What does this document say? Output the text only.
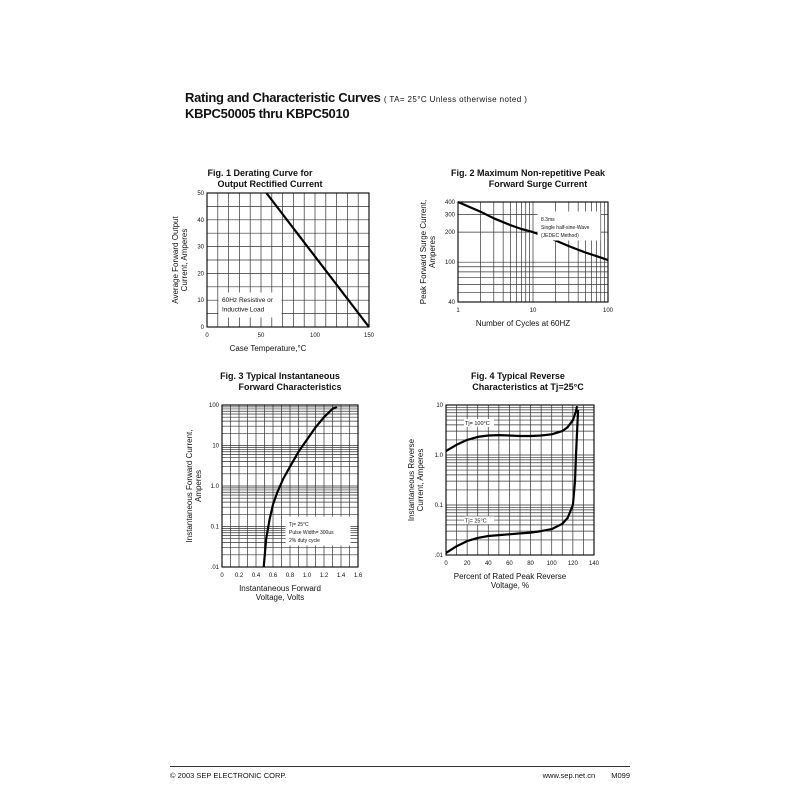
Rating and Characteristic Curves ( TA= 25°C Unless otherwise noted )
KBPC50005 thru KBPC5010
Fig. 1 Derating Curve for
Output Rectified Current
0	50	100	150
0
10
20
30
40
50
Case Temperature,°C
Average Forward Output Current, Amperes
60Hz Resistive or
Inductive Load
Fig. 2 Maximum Non-repetitive Peak
Forward Surge Current
1	10	100
40
100
200
300
400
Number of Cycles at 60HZ
Peak Forward Surge Current, Amperes
8.3ms
Single half-sine-Wave
(JEDEC Method)
Fig. 3 Typical Instantaneous
Forward Characteristics
0 0.2 0.4 0.6 0.8 1.0 1.2 1.4 1.6
.01
0.1
1.0
10
100
Instantaneous Forward
Voltage, Volts
Instantaneous Forward Current, Amperes
Tj= 25°C
Pulse Width= 300us
2% duty cycle
Fig. 4 Typical Reverse
Characteristics at Tj=25°C
0	20 40 60 80 100 120 140
.01
0.1
1.0
10
Percent of Rated Peak Reverse
Voltage, %
Instantaneous Reverse Current, Amperes
Tj= 100°C
Tj= 25°C
© 2003 SEP ELECTRONIC CORP.	www.sep.net.cn M099
